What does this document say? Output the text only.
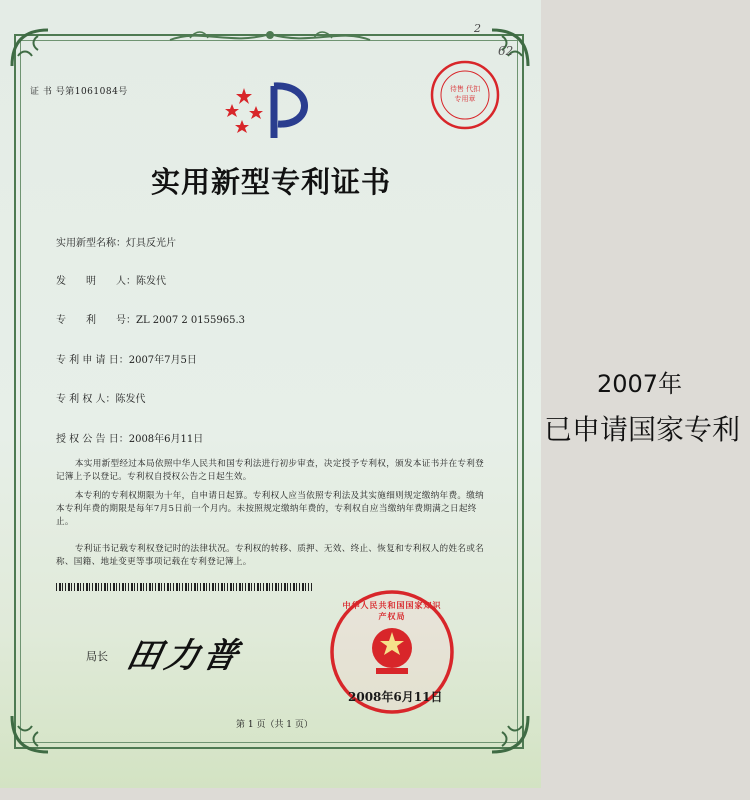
2
62
证 书 号第1061084号	待售 代扣专用章
实用新型专利证书
实用新型名称：灯具反光片
发　　明　　人：陈发代
专　　利　　号：ZL 2007 2 0155965.3
专 利 申 请 日：2007年7月5日
专 利 权 人：陈发代
授 权 公 告 日：2008年6月11日
本实用新型经过本局依照中华人民共和国专利法进行初步审查，决定授予专利权，颁发本证书并在专利登记簿上予以登记。专利权自授权公告之日起生效。
本专利的专利权期限为十年，自申请日起算。专利权人应当依照专利法及其实施细则规定缴纳年费。缴纳本专利年费的期限是每年7月5日前一个月内。未按照规定缴纳年费的，专利权自应当缴纳年费期满之日起终止。
专利证书记载专利权登记时的法律状况。专利权的转移、质押、无效、终止、恢复和专利权人的姓名或名称、国籍、地址变更等事项记载在专利登记簿上。
局长 田力普
中华人民共和国国家知识产权局
2008年6月11日
第 1 页（共 1 页）
2007年
已申请国家专利
